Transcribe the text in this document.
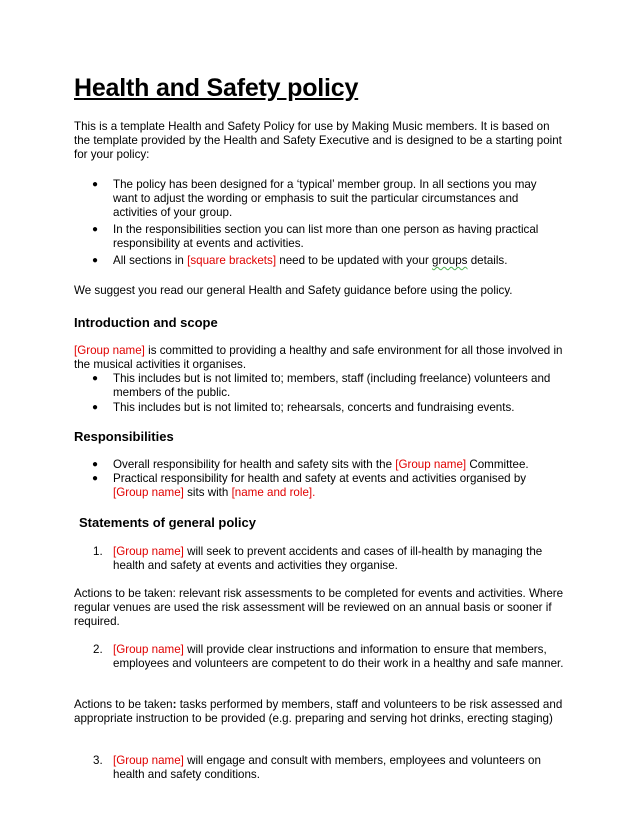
Health and Safety policy

This is a template Health and Safety Policy for use by Making Music members. It is based on the template provided by the Health and Safety Executive and is designed to be a starting point for your policy:

● The policy has been designed for a ‘typical’ member group. In all sections you may want to adjust the wording or emphasis to suit the particular circumstances and activities of your group.
● In the responsibilities section you can list more than one person as having practical responsibility at events and activities.
● All sections in [square brackets] need to be updated with your groups details.

We suggest you read our general Health and Safety guidance before using the policy.

Introduction and scope

[Group name] is committed to providing a healthy and safe environment for all those involved in the musical activities it organises.

● This includes but is not limited to; members, staff (including freelance) volunteers and members of the public.
● This includes but is not limited to; rehearsals, concerts and fundraising events.
Responsibilities
● Overall responsibility for health and safety sits with the [Group name] Committee.
● Practical responsibility for health and safety at events and activities organised by [Group name] sits with [name and role].
Statements of general policy
1. [Group name] will seek to prevent accidents and cases of ill-health by managing the health and safety at events and activities they organise.

Actions to be taken: relevant risk assessments to be completed for events and activities. Where regular venues are used the risk assessment will be reviewed on an annual basis or sooner if required.

2. [Group name] will provide clear instructions and information to ensure that members, employees and volunteers are competent to do their work in a healthy and safe manner.

Actions to be taken: tasks performed by members, staff and volunteers to be risk assessed and appropriate instruction to be provided (e.g. preparing and serving hot drinks, erecting staging)

3. [Group name] will engage and consult with members, employees and volunteers on health and safety conditions.
